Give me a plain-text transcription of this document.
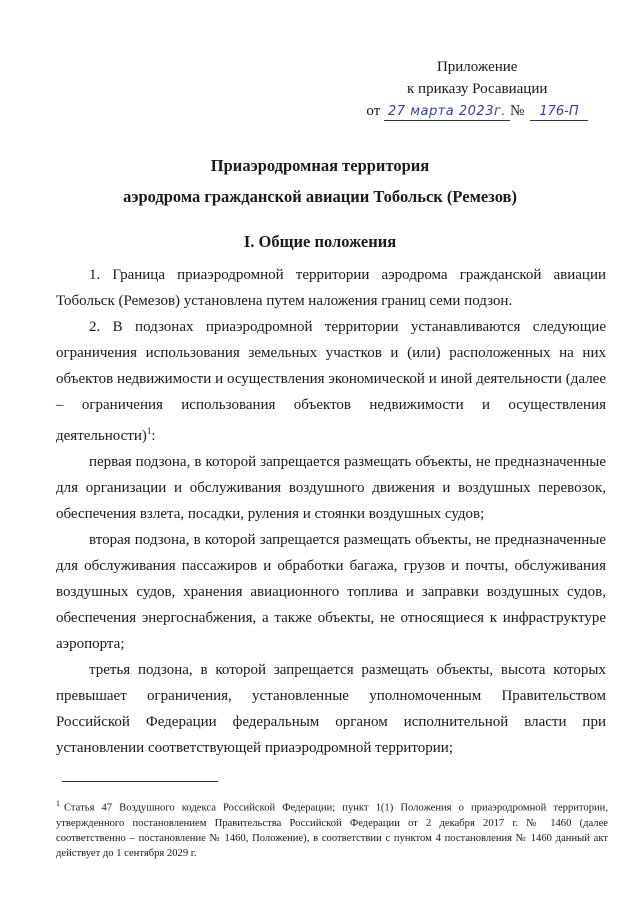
Приложение
к приказу Росавиации
от 27 марта 2023г. № 176-П
Приаэродромная территория
аэродрома гражданской авиации Тобольск (Ремезов)
I. Общие положения

1. Граница приаэродромной территории аэродрома гражданской авиации Тобольск (Ремезов) установлена путем наложения границ семи подзон.

2. В подзонах приаэродромной территории устанавливаются следующие ограничения использования земельных участков и (или) расположенных на них объектов недвижимости и осуществления экономической и иной деятельности (далее – ограничения использования объектов недвижимости и осуществления деятельности)$^1$:

первая подзона, в которой запрещается размещать объекты, не предназначенные для организации и обслуживания воздушного движения и воздушных перевозок, обеспечения взлета, посадки, руления и стоянки воздушных судов;

вторая подзона, в которой запрещается размещать объекты, не предназначенные для обслуживания пассажиров и обработки багажа, грузов и почты, обслуживания воздушных судов, хранения авиационного топлива и заправки воздушных судов, обеспечения энергоснабжения, а также объекты, не относящиеся к инфраструктуре аэропорта;

третья подзона, в которой запрещается размещать объекты, высота которых превышает ограничения, установленные уполномоченным Правительством Российской Федерации федеральным органом исполнительной власти при установлении соответствующей приаэродромной территории;

$^1$ Статья 47 Воздушного кодекса Российской Федерации; пункт 1(1) Положения о приаэродромной территории, утвержденного постановлением Правительства Российской Федерации от 2 декабря 2017 г. № 1460 (далее соответственно – постановление № 1460, Положение), в соответствии с пунктом 4 постановления № 1460 данный акт действует до 1 сентября 2029 г.
